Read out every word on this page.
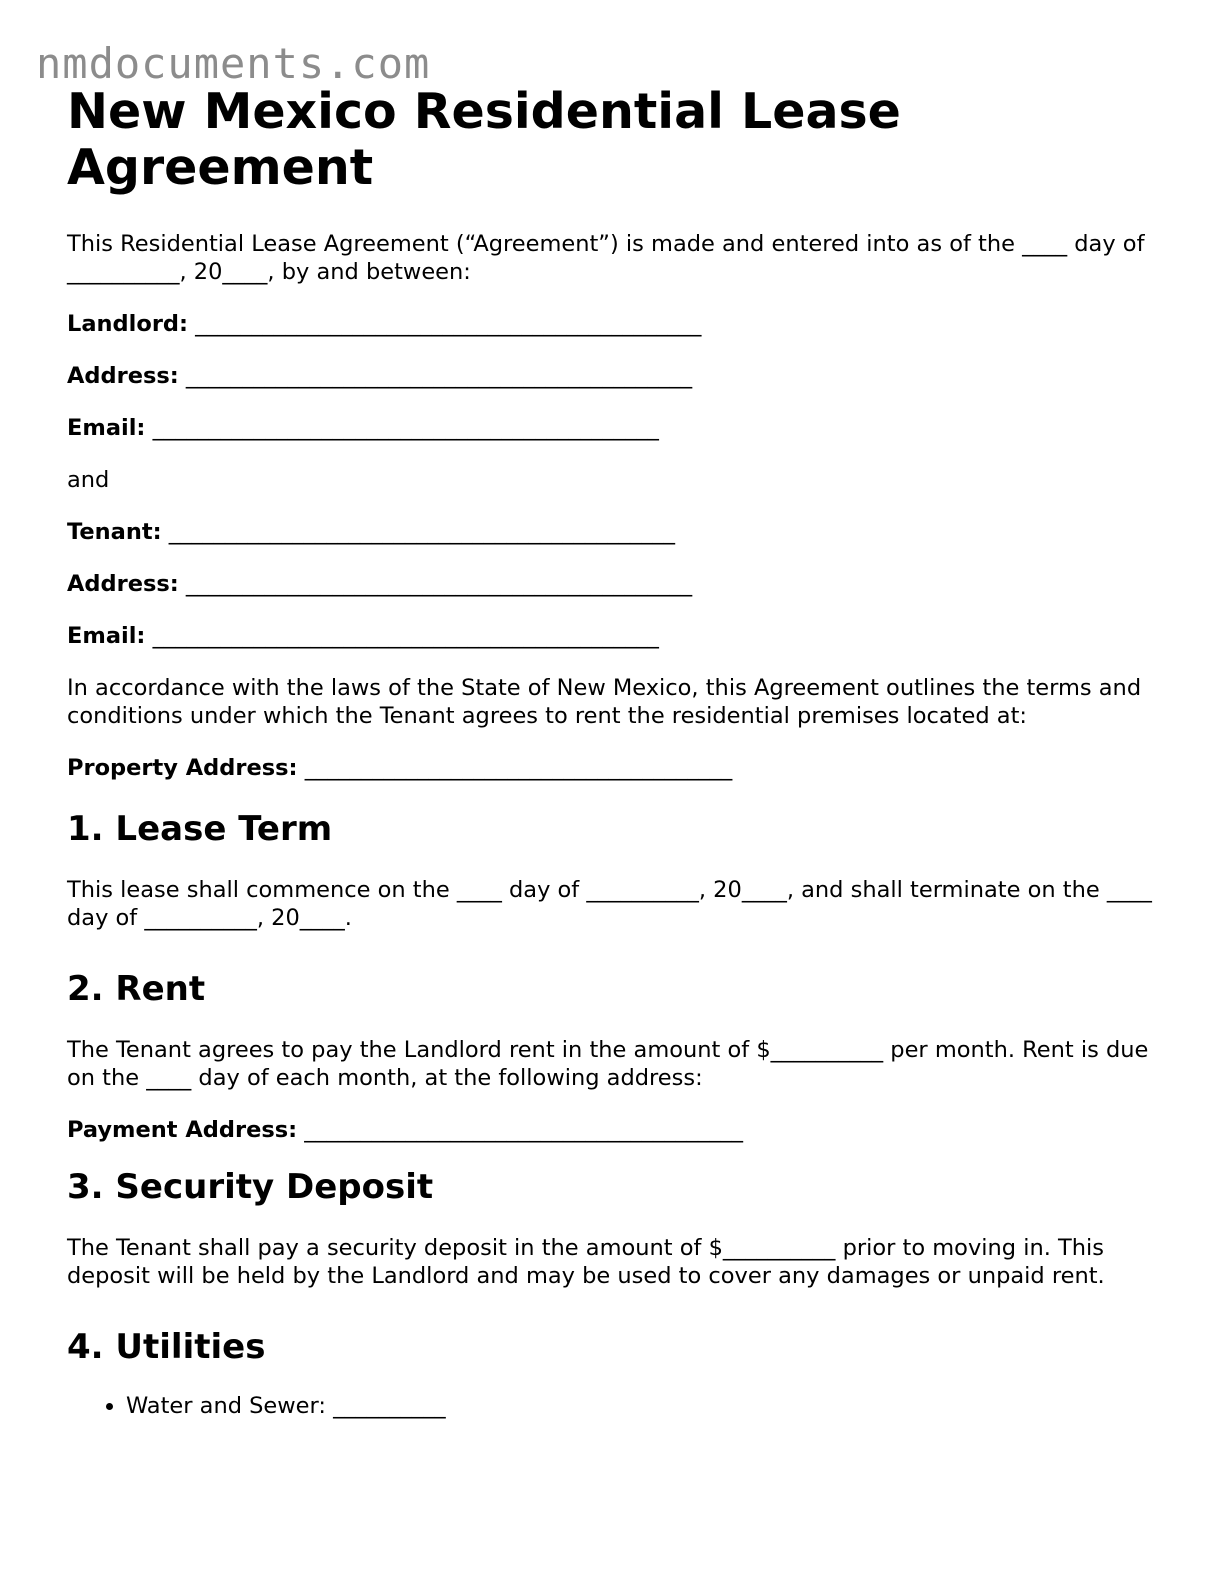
nmdocuments.com
New Mexico Residential Lease Agreement

This Residential Lease Agreement (“Agreement”) is made and entered into as of the ____ day of __________, 20____, by and between:

Landlord: _____________________________________________

Address: _____________________________________________

Email: _____________________________________________

and

Tenant: _____________________________________________

Address: _____________________________________________

Email: _____________________________________________

In accordance with the laws of the State of New Mexico, this Agreement outlines the terms and conditions under which the Tenant agrees to rent the residential premises located at:

Property Address: ______________________________________

1. Lease Term

This lease shall commence on the ____ day of __________, 20____, and shall terminate on the ____ day of __________, 20____.

2. Rent

The Tenant agrees to pay the Landlord rent in the amount of $__________ per month. Rent is due on the ____ day of each month, at the following address:

Payment Address: _______________________________________

3. Security Deposit

The Tenant shall pay a security deposit in the amount of $__________ prior to moving in. This deposit will be held by the Landlord and may be used to cover any damages or unpaid rent.

4. Utilities
• Water and Sewer: __________
